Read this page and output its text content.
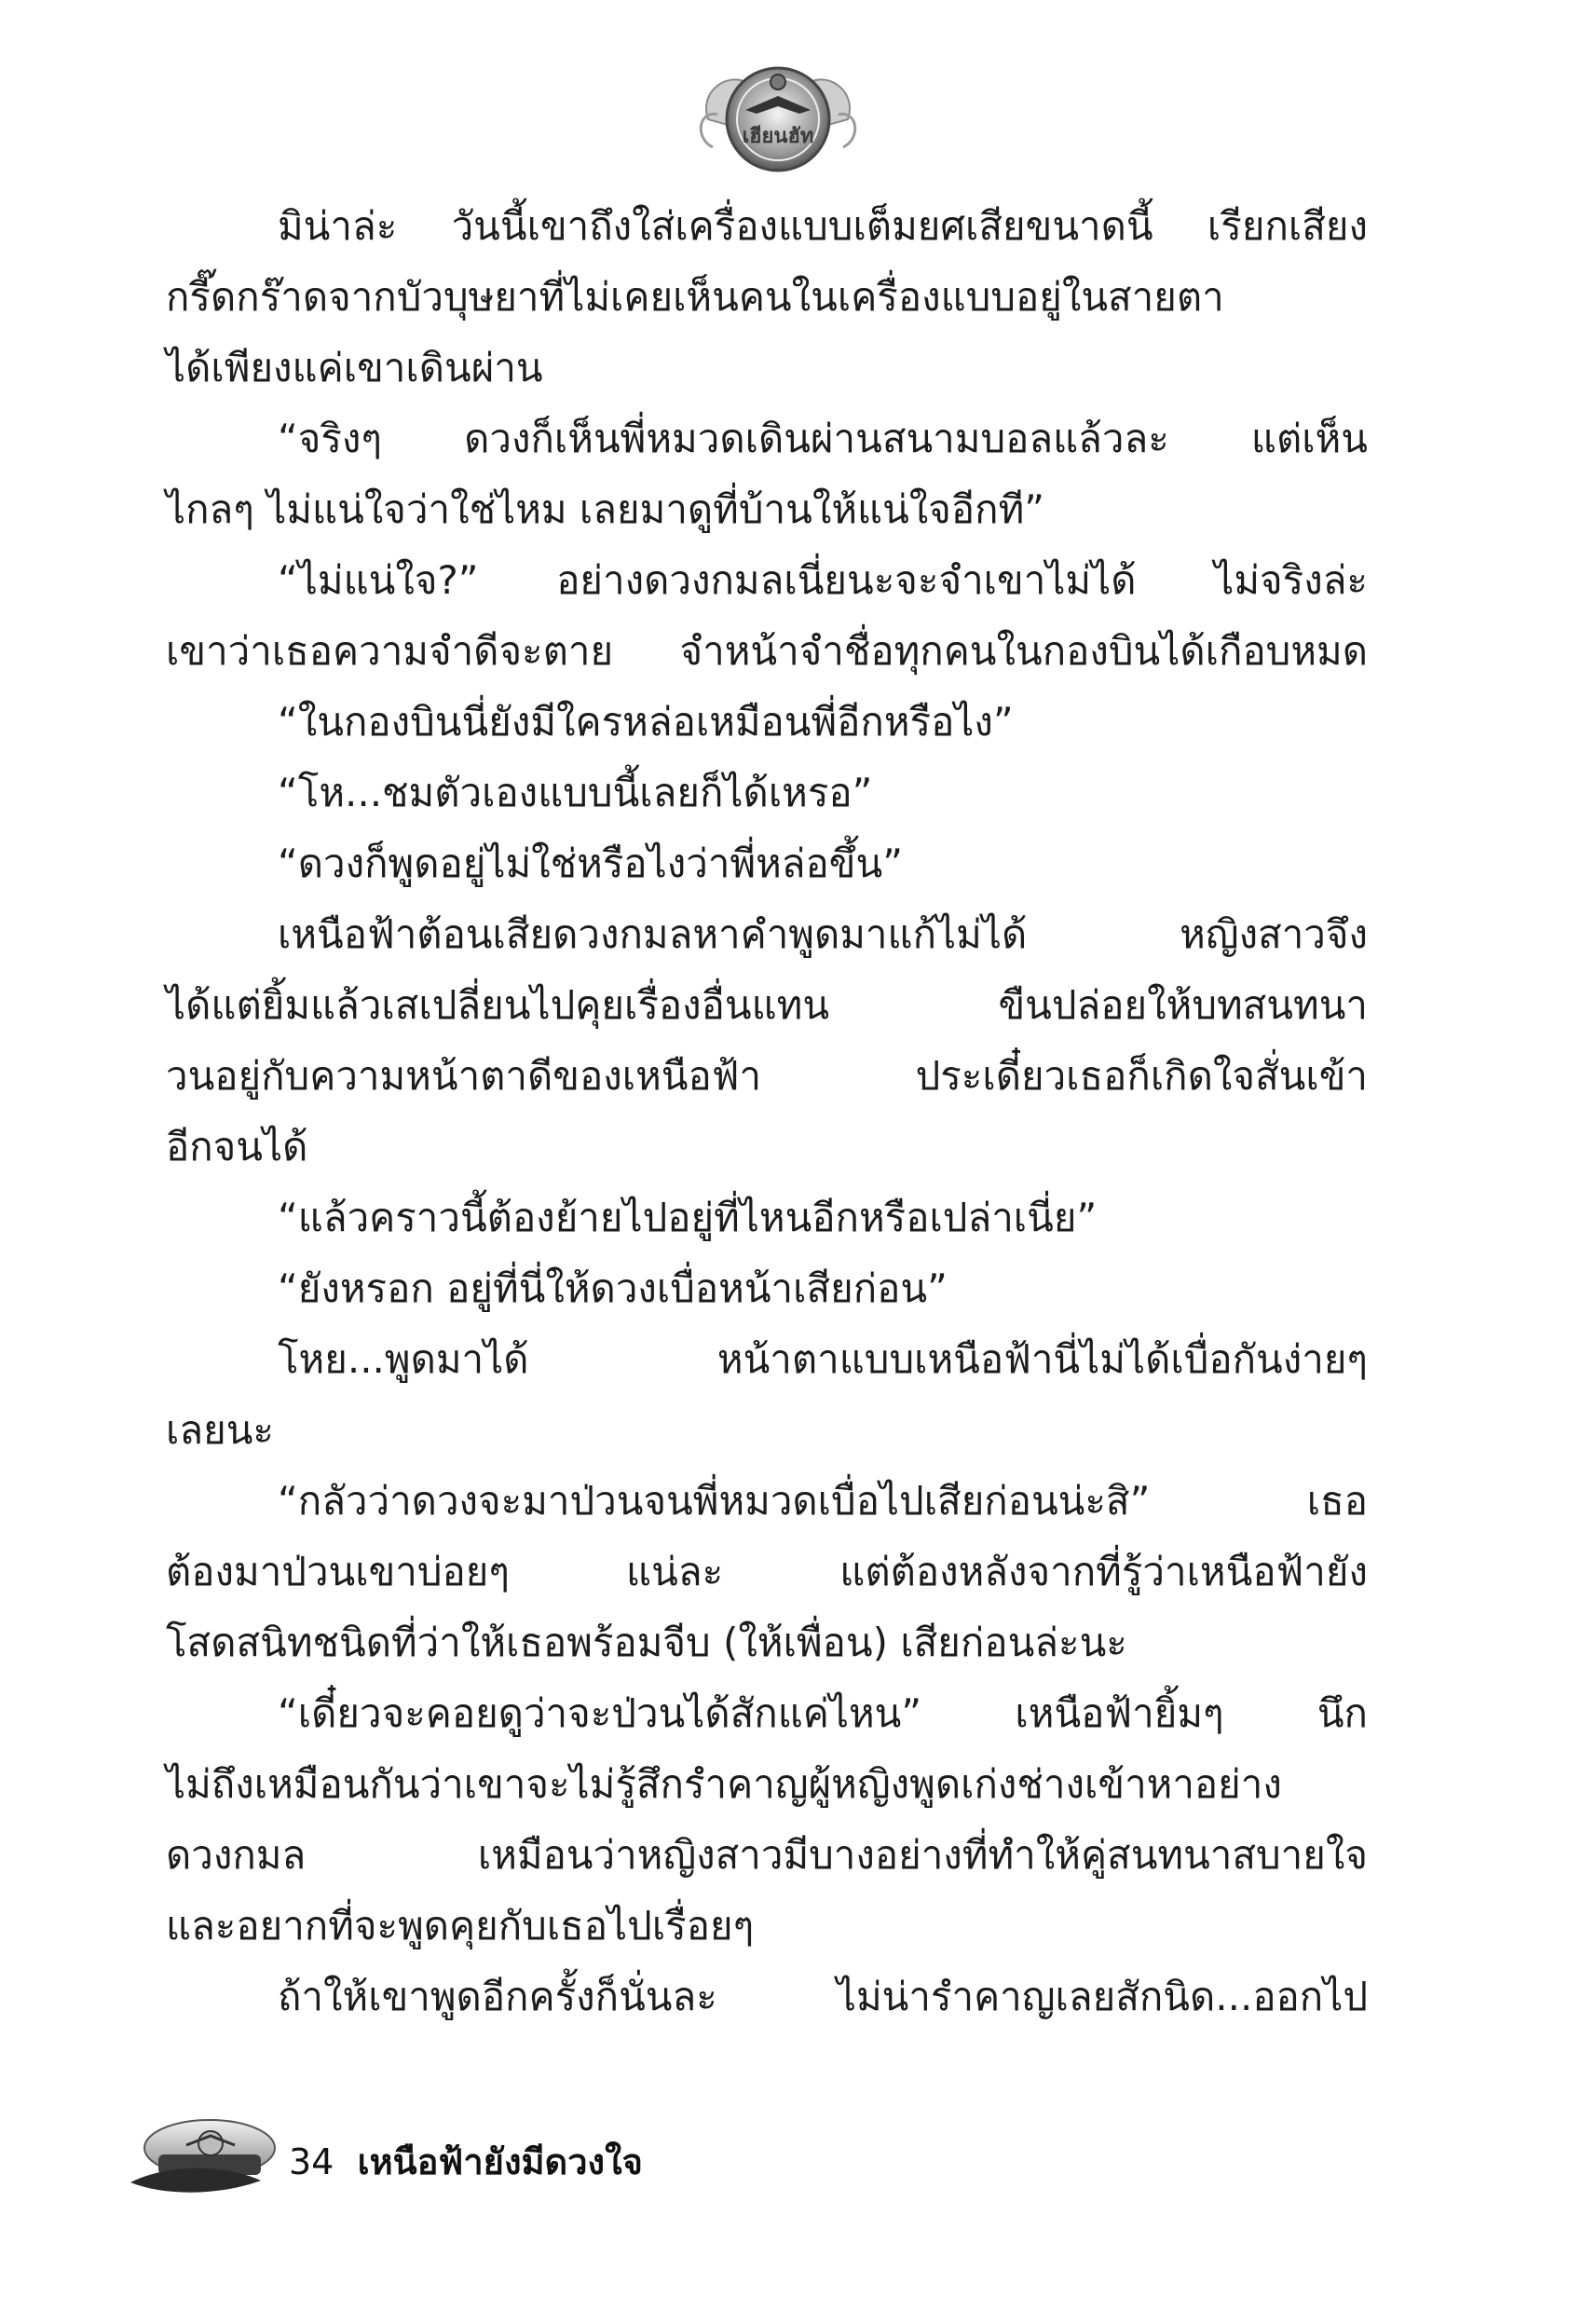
เฮียนฮัท
มิน่าล่ะ วันนี้เขาถึงใส่เครื่องแบบเต็มยศเสียขนาดนี้ เรียกเสียง
กรี๊ดกร๊าดจากบัวบุษยาที่ไม่เคยเห็นคนในเครื่องแบบอยู่ในสายตา
ได้เพียงแค่เขาเดินผ่าน
“จริงๆ ดวงก็เห็นพี่หมวดเดินผ่านสนามบอลแล้วละ แต่เห็น
ไกลๆ ไม่แน่ใจว่าใช่ไหม เลยมาดูที่บ้านให้แน่ใจอีกที”
“ไม่แน่ใจ?” อย่างดวงกมลเนี่ยนะจะจำเขาไม่ได้ ไม่จริงล่ะ
เขาว่าเธอความจำดีจะตาย จำหน้าจำชื่อทุกคนในกองบินได้เกือบหมด
“ในกองบินนี่ยังมีใครหล่อเหมือนพี่อีกหรือไง”
“โห...ชมตัวเองแบบนี้เลยก็ได้เหรอ”
“ดวงก็พูดอยู่ไม่ใช่หรือไงว่าพี่หล่อขึ้น”
เหนือฟ้าต้อนเสียดวงกมลหาคำพูดมาแก้ไม่ได้ หญิงสาวจึง
ได้แต่ยิ้มแล้วเสเปลี่ยนไปคุยเรื่องอื่นแทน ขืนปล่อยให้บทสนทนา
วนอยู่กับความหน้าตาดีของเหนือฟ้า ประเดี๋ยวเธอก็เกิดใจสั่นเข้า
อีกจนได้
“แล้วคราวนี้ต้องย้ายไปอยู่ที่ไหนอีกหรือเปล่าเนี่ย”
“ยังหรอก อยู่ที่นี่ให้ดวงเบื่อหน้าเสียก่อน”
โหย...พูดมาได้ หน้าตาแบบเหนือฟ้านี่ไม่ได้เบื่อกันง่ายๆ
เลยนะ
“กลัวว่าดวงจะมาป่วนจนพี่หมวดเบื่อไปเสียก่อนน่ะสิ” เธอ
ต้องมาป่วนเขาบ่อยๆ แน่ละ แต่ต้องหลังจากที่รู้ว่าเหนือฟ้ายัง
โสดสนิทชนิดที่ว่าให้เธอพร้อมจีบ (ให้เพื่อน) เสียก่อนล่ะนะ
“เดี๋ยวจะคอยดูว่าจะป่วนได้สักแค่ไหน” เหนือฟ้ายิ้มๆ นึก
ไม่ถึงเหมือนกันว่าเขาจะไม่รู้สึกรำคาญผู้หญิงพูดเก่งช่างเข้าหาอย่าง
ดวงกมล เหมือนว่าหญิงสาวมีบางอย่างที่ทำให้คู่สนทนาสบายใจ
และอยากที่จะพูดคุยกับเธอไปเรื่อยๆ
ถ้าให้เขาพูดอีกครั้งก็นั่นละ ไม่น่ารำคาญเลยสักนิด...ออกไป
34 เหนือฟ้ายังมีดวงใจ
